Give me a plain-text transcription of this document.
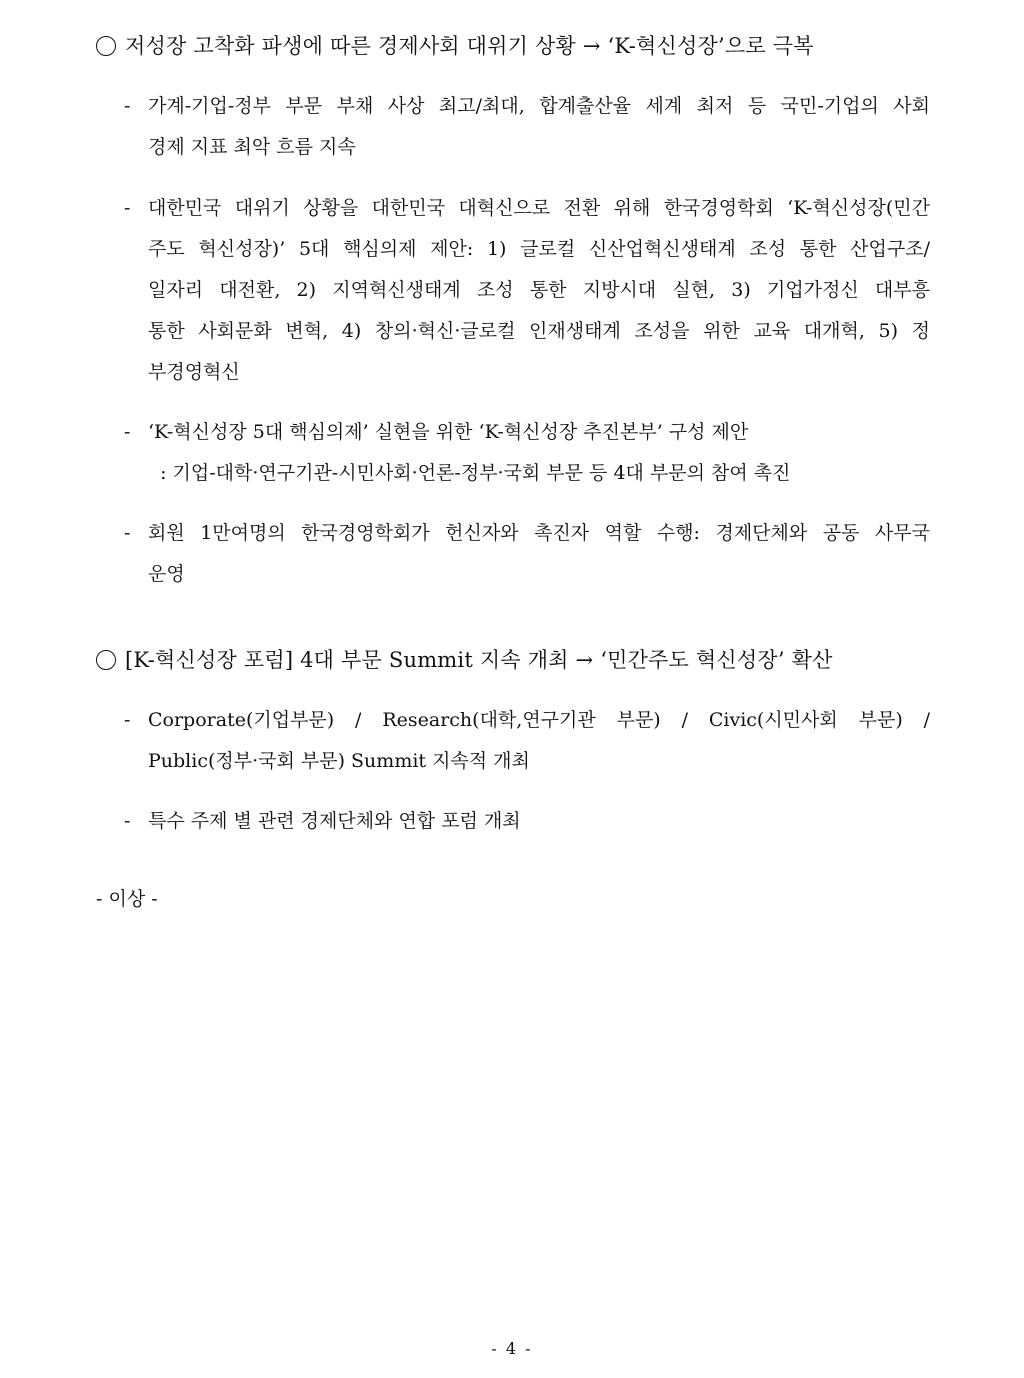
저성장 고착화 파생에 따른 경제사회 대위기 상황 → ‘K-혁신성장’으로 극복
- 가계-기업-정부 부문 부채 사상 최고/최대, 합계출산율 세계 최저 등 국민-기업의 사회
경제 지표 최악 흐름 지속
- 대한민국 대위기 상황을 대한민국 대혁신으로 전환 위해 한국경영학회 ‘K-혁신성장(민간
주도 혁신성장)’ 5대 핵심의제 제안: 1) 글로컬 신산업혁신생태계 조성 통한 산업구조/
일자리 대전환, 2) 지역혁신생태계 조성 통한 지방시대 실현, 3) 기업가정신 대부흥
통한 사회문화 변혁, 4) 창의·혁신·글로컬 인재생태계 조성을 위한 교육 대개혁, 5) 정
부경영혁신
- ‘K-혁신성장 5대 핵심의제’ 실현을 위한 ‘K-혁신성장 추진본부’ 구성 제안
: 기업-대학·연구기관-시민사회·언론-정부·국회 부문 등 4대 부문의 참여 촉진
- 회원 1만여명의 한국경영학회가 헌신자와 촉진자 역할 수행: 경제단체와 공동 사무국
운영
[K-혁신성장 포럼] 4대 부문 Summit 지속 개최 → ‘민간주도 혁신성장’ 확산
- Corporate(기업부문) / Research(대학,연구기관 부문) / Civic(시민사회 부문) /
Public(정부·국회 부문) Summit 지속적 개최
- 특수 주제 별 관련 경제단체와 연합 포럼 개최
- 이상 -
- 4 -
